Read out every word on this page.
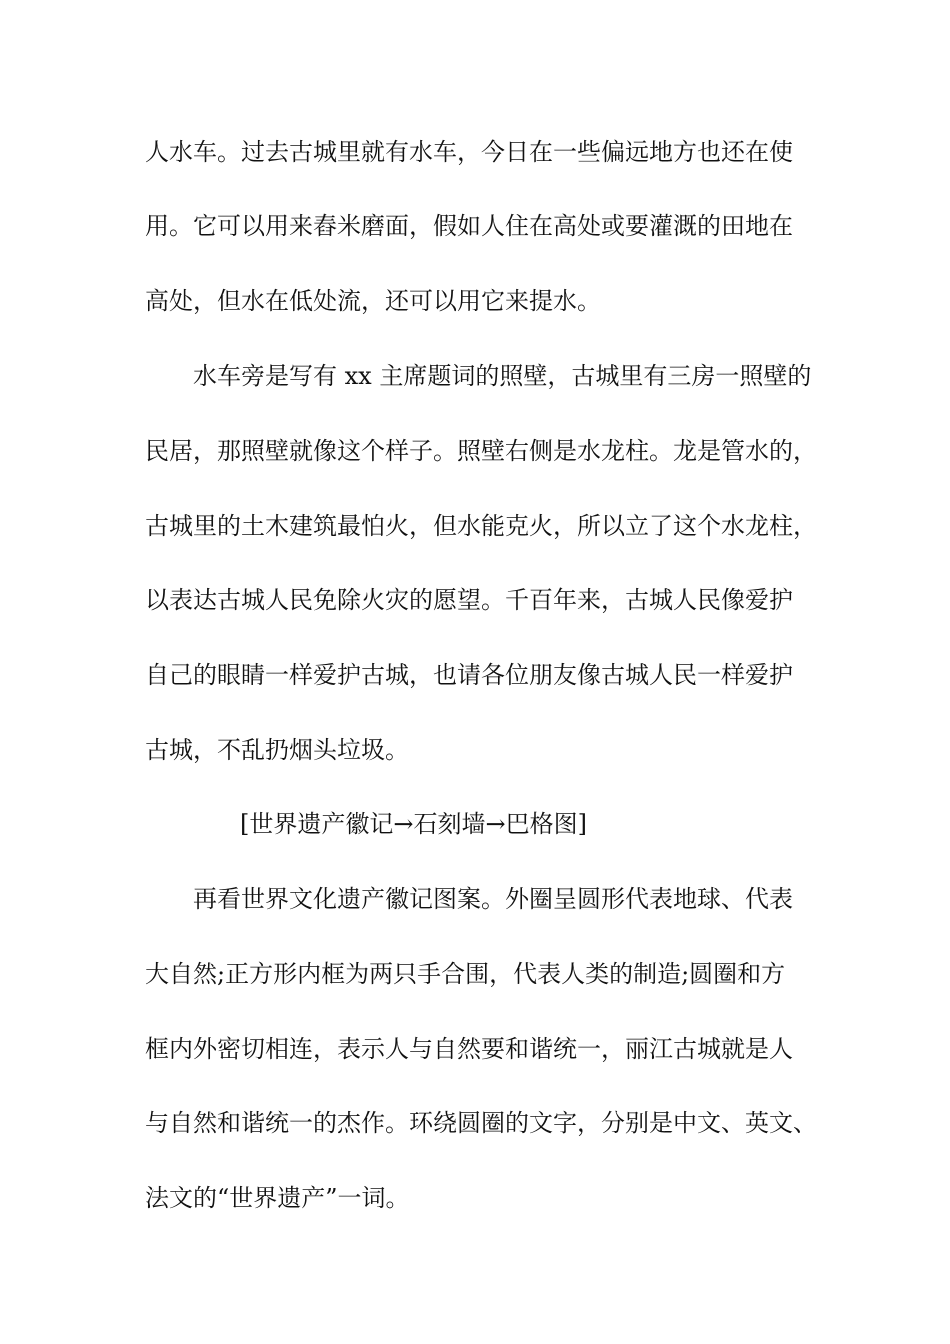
人水车。过去古城里就有水车，今日在一些偏远地方也还在使

用。它可以用来舂米磨面，假如人住在高处或要灌溉的田地在

高处，但水在低处流，还可以用它来提水。

水车旁是写有 xx 主席题词的照壁，古城里有三房一照壁的

民居，那照壁就像这个样子。照壁右侧是水龙柱。龙是管水的，

古城里的土木建筑最怕火，但水能克火，所以立了这个水龙柱，

以表达古城人民免除火灾的愿望。千百年来，古城人民像爱护

自己的眼睛一样爱护古城，也请各位朋友像古城人民一样爱护

古城，不乱扔烟头垃圾。

[世界遗产徽记→石刻墙→巴格图]

再看世界文化遗产徽记图案。外圈呈圆形代表地球、代表

大自然;正方形内框为两只手合围，代表人类的制造;圆圈和方

框内外密切相连，表示人与自然要和谐统一，丽江古城就是人

与自然和谐统一的杰作。环绕圆圈的文字，分别是中文、英文、

法文的“世界遗产”一词。
